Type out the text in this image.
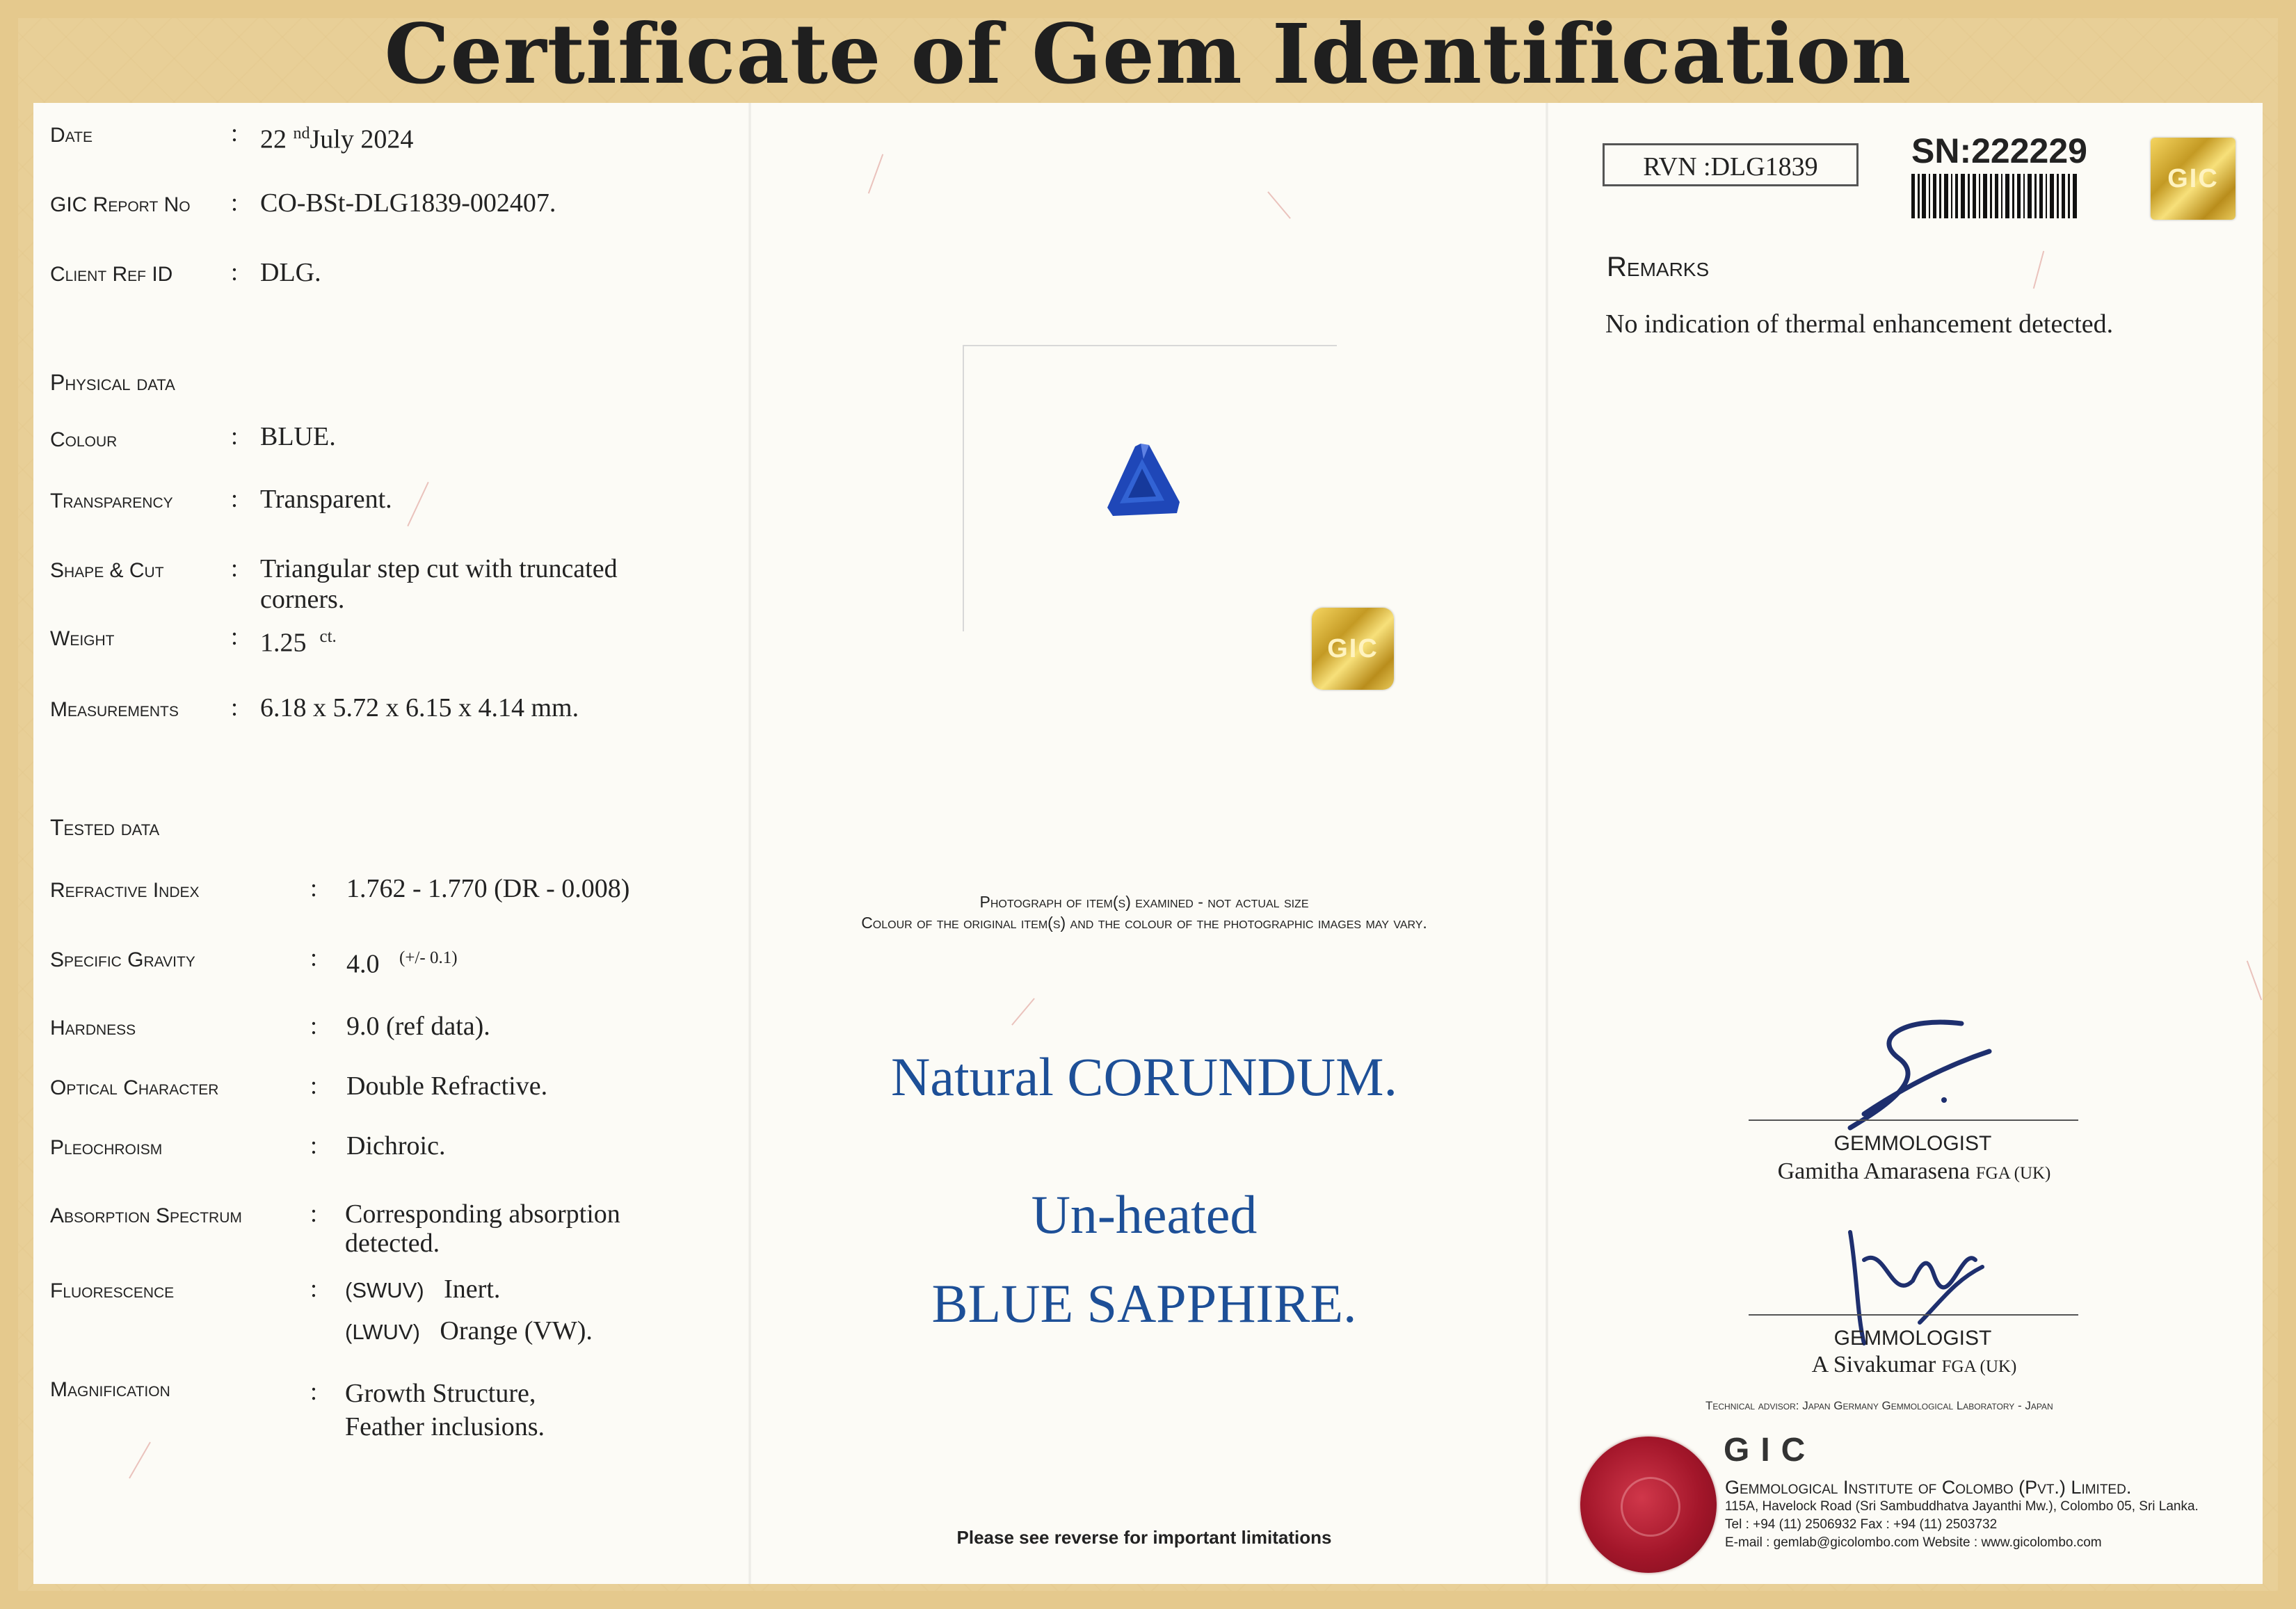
Certificate of Gem Identification
Date	: 22 $^{nd}$July 2024
GIC Report No : CO-BSt-DLG1839-002407.
Client Ref ID : DLG.
Physical data
Colour	: BLUE.
Transparency : Transparent.
Shape & Cut	: Triangular step cut with truncated
corners.
Weight	: 1.25 $^{ct.}$
Measurements : 6.18 x 5.72 x 6.15 x 4.14 mm.
Tested data
Refractive Index	: 1.762 - 1.770 (DR - 0.008)
Specific Gravity	: 4.0 $^{(+/- 0.1)}$
Hardness	: 9.0 (ref data).
Optical Character	: Double Refractive.
Pleochroism	: Dichroic.
Absorption Spectrum	: Corresponding absorption
detected.
Fluorescence	: (SWUV) Inert.
(LWUV) Orange (VW).
Magnification	: Growth Structure,
Feather inclusions.
GIC
Photograph of item(s) examined - not actual size
Colour of the original item(s) and the colour of the photographic images may vary.
Natural CORUNDUM.
Un-heated
BLUE SAPPHIRE.
Please see reverse for important limitations
RVN :DLG1839	SN:222229
GIC
Remarks
No indication of thermal enhancement detected.
GEMMOLOGIST
Gamitha Amarasena FGA (UK)
GEMMOLOGIST
A Sivakumar FGA (UK)
Technical advisor: Japan Germany Gemmological Laboratory - Japan
GIC
Gemmological Institute of Colombo (Pvt.) Limited.
115A, Havelock Road (Sri Sambuddhatva Jayanthi Mw.), Colombo 05, Sri Lanka.
Tel : +94 (11) 2506932 Fax : +94 (11) 2503732
E-mail : gemlab@gicolombo.com Website : www.gicolombo.com
